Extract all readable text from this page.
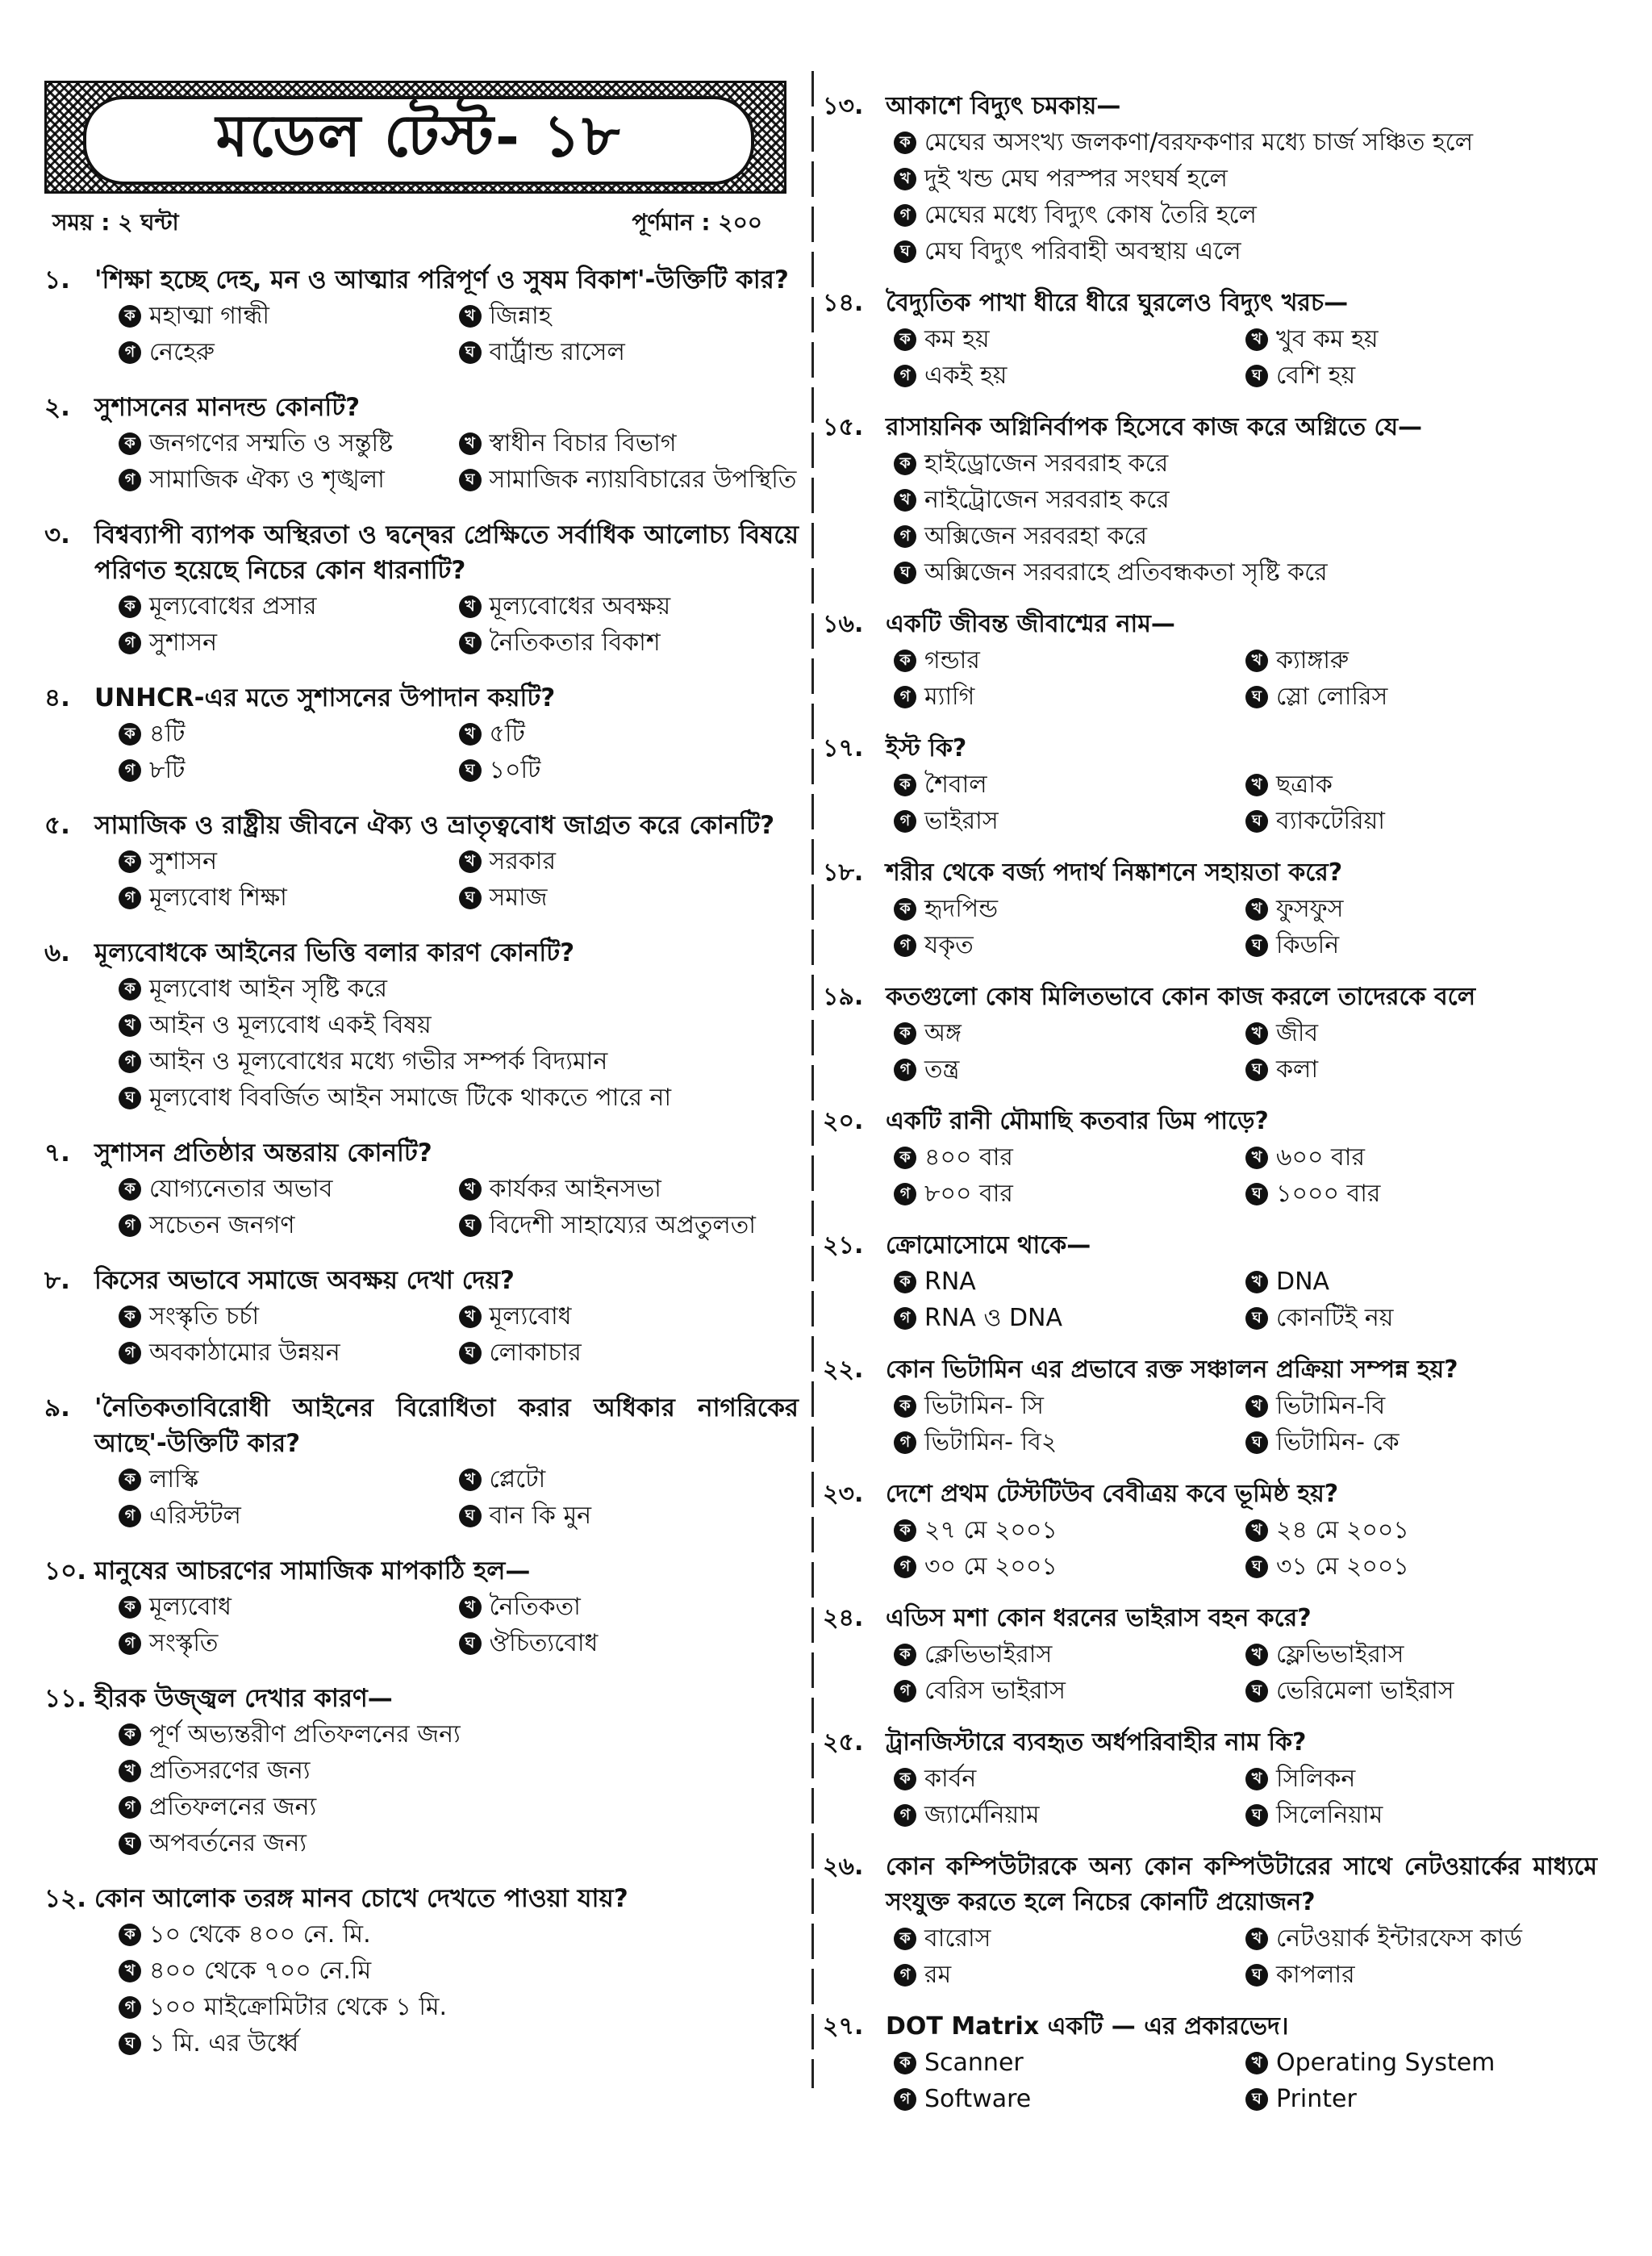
মডেল টেস্ট- ১৮
সময় : ২ ঘন্টা	পূর্ণমান : ২০০
১. 'শিক্ষা হচ্ছে দেহ, মন ও আত্মার পরিপূর্ণ ও সুষম বিকাশ'-উক্তিটি কার?
ক মহাত্মা গান্ধী	খ জিন্নাহ
গ নেহেরু	ঘ বার্ট্রান্ড রাসেল
২. সুশাসনের মানদন্ড কোনটি?
ক জনগণের সম্মতি ও সন্তুষ্টি	খ স্বাধীন বিচার বিভাগ
গ সামাজিক ঐক্য ও শৃঙ্খলা	ঘ সামাজিক ন্যায়বিচারের উপস্থিতি
৩. বিশ্বব্যাপী ব্যাপক অস্থিরতা ও দ্বন্দ্বের প্রেক্ষিতে সর্বাধিক আলোচ্য বিষয়ে পরিণত হয়েছে নিচের কোন ধারনাটি?
ক মূল্যবোধের প্রসার	খ মূল্যবোধের অবক্ষয়
গ সুশাসন	ঘ নৈতিকতার বিকাশ
৪. UNHCR-এর মতে সুশাসনের উপাদান কয়টি?
ক ৪টি	খ ৫টি
গ ৮টি	ঘ ১০টি
৫. সামাজিক ও রাষ্ট্রীয় জীবনে ঐক্য ও ভ্রাতৃত্ববোধ জাগ্রত করে কোনটি?
ক সুশাসন	খ সরকার
গ মূল্যবোধ শিক্ষা	ঘ সমাজ
৬. মূল্যবোধকে আইনের ভিত্তি বলার কারণ কোনটি?
ক মূল্যবোধ আইন সৃষ্টি করে
খ আইন ও মূল্যবোধ একই বিষয়
গ আইন ও মূল্যবোধের মধ্যে গভীর সম্পর্ক বিদ্যমান
ঘ মূল্যবোধ বিবর্জিত আইন সমাজে টিকে থাকতে পারে না
৭. সুশাসন প্রতিষ্ঠার অন্তরায় কোনটি?
ক যোগ্যনেতার অভাব	খ কার্যকর আইনসভা
গ সচেতন জনগণ	ঘ বিদেশী সাহায্যের অপ্রতুলতা
৮. কিসের অভাবে সমাজে অবক্ষয় দেখা দেয়?
ক সংস্কৃতি চর্চা	খ মূল্যবোধ
গ অবকাঠামোর উন্নয়ন	ঘ লোকাচার
৯. 'নৈতিকতাবিরোধী আইনের বিরোধিতা করার অধিকার নাগরিকের আছে'-উক্তিটি কার?
ক লাস্কি	খ প্লেটো
গ এরিস্টটল	ঘ বান কি মুন
১০. মানুষের আচরণের সামাজিক মাপকাঠি হল—
ক মূল্যবোধ	খ নৈতিকতা
গ সংস্কৃতি	ঘ ঔচিত্যবোধ
১১. হীরক উজ্জ্বল দেখার কারণ—
ক পূর্ণ অভ্যন্তরীণ প্রতিফলনের জন্য
খ প্রতিসরণের জন্য
গ প্রতিফলনের জন্য
ঘ অপবর্তনের জন্য
১২. কোন আলোক তরঙ্গ মানব চোখে দেখতে পাওয়া যায়?
ক ১০ থেকে ৪০০ নে. মি.
খ ৪০০ থেকে ৭০০ নে.মি
গ ১০০ মাইক্রোমিটার থেকে ১ মি.
ঘ ১ মি. এর উর্ধ্বে
১৩. আকাশে বিদ্যুৎ চমকায়—
ক মেঘের অসংখ্য জলকণা/বরফকণার মধ্যে চার্জ সঞ্চিত হলে
খ দুই খন্ড মেঘ পরস্পর সংঘর্ষ হলে
গ মেঘের মধ্যে বিদ্যুৎ কোষ তৈরি হলে
ঘ মেঘ বিদ্যুৎ পরিবাহী অবস্থায় এলে
১৪. বৈদ্যুতিক পাখা ধীরে ধীরে ঘুরলেও বিদ্যুৎ খরচ—
ক কম হয়	খ খুব কম হয়
গ একই হয়	ঘ বেশি হয়
১৫. রাসায়নিক অগ্নিনির্বাপক হিসেবে কাজ করে অগ্নিতে যে—
ক হাইড্রোজেন সরবরাহ করে
খ নাইট্রোজেন সরবরাহ করে
গ অক্সিজেন সরবরহা করে
ঘ অক্সিজেন সরবরাহে প্রতিবন্ধকতা সৃষ্টি করে
১৬. একটি জীবন্ত জীবাশ্মের নাম—
ক গন্ডার	খ ক্যাঙ্গারু
গ ম্যাগি	ঘ স্লো লোরিস
১৭. ইস্ট কি?
ক শৈবাল	খ ছত্রাক
গ ভাইরাস	ঘ ব্যাকটেরিয়া
১৮. শরীর থেকে বর্জ্য পদার্থ নিষ্কাশনে সহায়তা করে?
ক হৃদপিন্ড	খ ফুসফুস
গ যকৃত	ঘ কিডনি
১৯. কতগুলো কোষ মিলিতভাবে কোন কাজ করলে তাদেরকে বলে
ক অঙ্গ	খ জীব
গ তন্ত্র	ঘ কলা
২০. একটি রানী মৌমাছি কতবার ডিম পাড়ে?
ক ৪০০ বার	খ ৬০০ বার
গ ৮০০ বার	ঘ ১০০০ বার
২১. ক্রোমোসোমে থাকে—
ক RNA	খ DNA
গ RNA ও DNA	ঘ কোনটিই নয়
২২. কোন ভিটামিন এর প্রভাবে রক্ত সঞ্চালন প্রক্রিয়া সম্পন্ন হয়?
ক ভিটামিন- সি	খ ভিটামিন-বি
গ ভিটামিন- বি২	ঘ ভিটামিন- কে
২৩. দেশে প্রথম টেস্টটিউব বেবীত্রয় কবে ভূমিষ্ঠ হয়?
ক ২৭ মে ২০০১	খ ২৪ মে ২০০১
গ ৩০ মে ২০০১	ঘ ৩১ মে ২০০১
২৪. এডিস মশা কোন ধরনের ভাইরাস বহন করে?
ক ক্লেভিভাইরাস	খ ফ্লেভিভাইরাস
গ বেরিস ভাইরাস	ঘ ভেরিমেলা ভাইরাস
২৫. ট্রানজিস্টারে ব্যবহৃত অর্ধপরিবাহীর নাম কি?
ক কার্বন	খ সিলিকন
গ জ্যার্মেনিয়াম	ঘ সিলেনিয়াম
২৬. কোন কম্পিউটারকে অন্য কোন কম্পিউটারের সাথে নেটওয়ার্কের মাধ্যমে সংযুক্ত করতে হলে নিচের কোনটি প্রয়োজন?
ক বারোস	খ নেটওয়ার্ক ইন্টারফেস কার্ড
গ রম	ঘ কাপলার
২৭. DOT Matrix একটি — এর প্রকারভেদ।
ক Scanner	খ Operating System
গ Software	ঘ Printer
